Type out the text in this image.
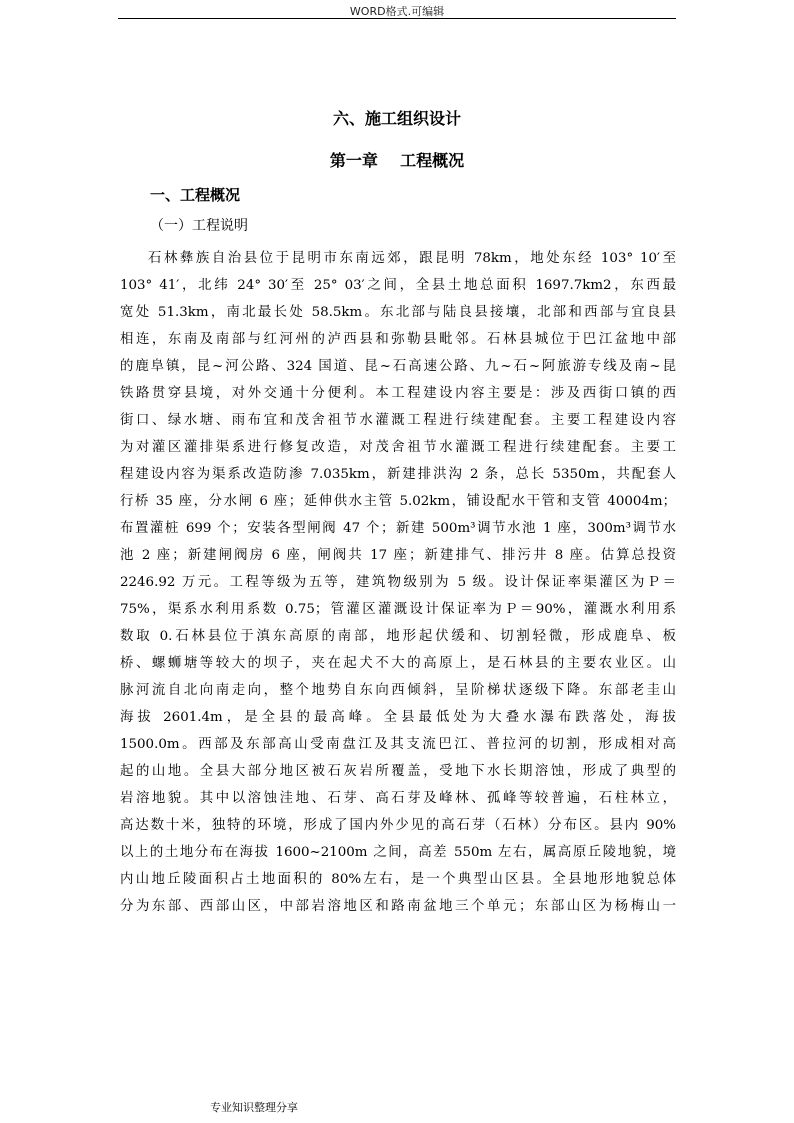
WORD格式.可编辑
六、施工组织设计
第一章    工程概况
一、工程概况
（一）工程说明
石林彝族自治县位于昆明市东南远郊，跟昆明 78km，地处东经 103° 10′至
103° 41′，北纬 24° 30′至 25° 03′之间，全县土地总面积 1697.7km2，东西最
宽处 51.3km，南北最长处 58.5km。东北部与陆良县接壤，北部和西部与宜良县
相连，东南及南部与红河州的泸西县和弥勒县毗邻。石林县城位于巴江盆地中部
的鹿阜镇，昆~河公路、324 国道、昆~石高速公路、九~石~阿旅游专线及南~昆
铁路贯穿县境，对外交通十分便利。本工程建设内容主要是：涉及西街口镇的西
街口、绿水塘、雨布宜和茂舍祖节水灌溉工程进行续建配套。主要工程建设内容
为对灌区灌排渠系进行修复改造，对茂舍祖节水灌溉工程进行续建配套。主要工
程建设内容为渠系改造防渗 7.035km，新建排洪沟 2 条，总长 5350m，共配套人
行桥 35 座，分水闸 6 座；延伸供水主管 5.02km，铺设配水干管和支管 40004m；
布置灌桩 699 个；安装各型闸阀 47 个；新建 500m³调节水池 1 座，300m³调节水
池 2 座；新建闸阀房 6 座，闸阀共 17 座；新建排气、排污井 8 座。估算总投资
2246.92 万元。工程等级为五等，建筑物级别为 5 级。设计保证率渠灌区为Ｐ＝
75%，渠系水利用系数 0.75；管灌区灌溉设计保证率为Ｐ＝90%，灌溉水利用系
数取 0.石林县位于滇东高原的南部，地形起伏缓和、切割轻微，形成鹿阜、板
桥、螺蛳塘等较大的坝子，夹在起犬不大的高原上，是石林县的主要农业区。山
脉河流自北向南走向，整个地势自东向西倾斜，呈阶梯状逐级下降。东部老圭山
海拔 2601.4m，是全县的最高峰。全县最低处为大叠水瀑布跌落处，海拔
1500.0m。西部及东部高山受南盘江及其支流巴江、普拉河的切割，形成相对高
起的山地。全县大部分地区被石灰岩所覆盖，受地下水长期溶蚀，形成了典型的
岩溶地貌。其中以溶蚀洼地、石芽、高石芽及峰林、孤峰等较普遍，石柱林立，
高达数十米，独特的环境，形成了国内外少见的高石芽（石林）分布区。县内 90%
以上的土地分布在海拔 1600~2100m 之间，高差 550m 左右，属高原丘陵地貌，境
内山地丘陵面积占土地面积的 80%左右，是一个典型山区县。全县地形地貌总体
分为东部、西部山区，中部岩溶地区和路南盆地三个单元；东部山区为杨梅山一
专业知识整理分享
